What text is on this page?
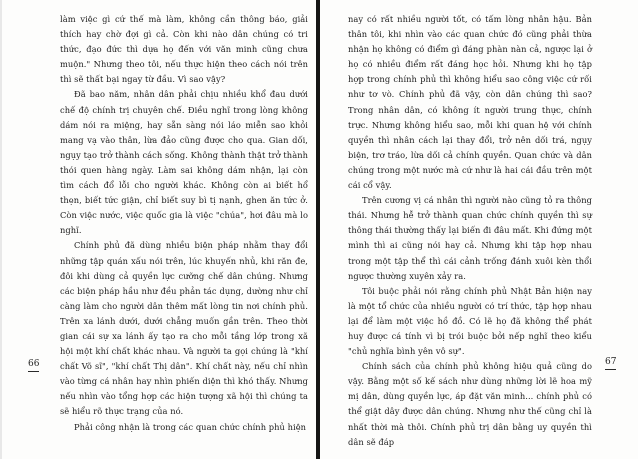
làm việc gì cứ thế mà làm, không cần thông báo, giải thích hay chờ đợi gì cả. Còn khi nào dân chúng có tri thức, đạo đức thì dựa họ đến với văn minh cũng chưa muộn." Nhưng theo tôi, nếu thực hiện theo cách nói trên thì sẽ thất bại ngay từ đầu. Vì sao vậy?

Đã bao năm, nhân dân phải chịu nhiều khổ đau dưới chế độ chính trị chuyên chế. Điều nghĩ trong lòng không dám nói ra miệng, hay sẵn sàng nói láo miễn sao khỏi mang vạ vào thân, lừa đảo cũng được cho qua. Gian dối, ngụy tạo trở thành cách sống. Không thành thật trở thành thói quen hàng ngày. Làm sai không dám nhận, lại còn tìm cách đổ lỗi cho người khác. Không còn ai biết hổ thẹn, biết tức giận, chỉ biết suy bì tị nạnh, ghen ăn tức ở. Còn việc nước, việc quốc gia là việc "chúa", hơi đâu mà lo nghĩ.

Chính phủ đã dùng nhiều biện pháp nhằm thay đổi những tập quán xấu nói trên, lúc khuyến nhủ, khi răn đe, đôi khi dùng cả quyền lực cưỡng chế dân chúng. Nhưng các biện pháp hầu như đều phản tác dụng, dường như chỉ càng làm cho người dân thêm mất lòng tin nơi chính phủ. Trên xa lánh dưới, dưới chẳng muốn gần trên. Theo thời gian cái sự xa lánh ấy tạo ra cho mỗi tầng lớp trong xã hội một khí chất khác nhau. Và người ta gọi chúng là "khí chất Võ sĩ", "khí chất Thị dân". Khí chất này, nếu chỉ nhìn vào từng cá nhân hay nhìn phiến diện thì khó thấy. Nhưng nếu nhìn vào tổng hợp các hiện tượng xã hội thì chúng ta sẽ hiểu rõ thực trạng của nó.

Phải công nhận là trong các quan chức chính phủ hiện

66

nay có rất nhiều người tốt, có tấm lòng nhân hậu. Bản thân tôi, khi nhìn vào các quan chức đó cũng phải thừa nhận họ không có điểm gì đáng phàn nàn cả, ngược lại ở họ có nhiều điểm rất đáng học hỏi. Nhưng khi họ tập hợp trong chính phủ thì không hiểu sao công việc cứ rối như tơ vò. Chính phủ đã vậy, còn dân chúng thì sao? Trong nhân dân, có không ít người trung thực, chính trực. Nhưng không hiểu sao, mỗi khi quan hệ với chính quyền thì nhân cách lại thay đổi, trở nên dối trá, ngụy biện, trơ tráo, lừa dối cả chính quyền. Quan chức và dân chúng trong một nước mà cứ như là hai cái đầu trên một cái cổ vậy.

Trên cương vị cá nhân thì người nào cũng tỏ ra thông thái. Nhưng hễ trở thành quan chức chính quyền thì sự thông thái thường thấy lại biến đi đâu mất. Khi đứng một mình thì ai cũng nói hay cả. Nhưng khi tập hợp nhau trong một tập thể thì cái cảnh trống đánh xuôi kèn thổi ngược thường xuyên xảy ra.

Tôi buộc phải nói rằng chính phủ Nhật Bản hiện nay là một tổ chức của nhiều người có trí thức, tập hợp nhau lại để làm một việc hồ đồ. Có lẽ họ đã không thể phát huy được cá tính vì bị trói buộc bởi nếp nghĩ theo kiểu "chủ nghĩa bình yên vô sự".

Chính sách của chính phủ không hiệu quả cũng do vậy. Bằng một số kế sách như dùng những lời lẽ hoa mỹ mị dân, dùng quyền lực, áp đặt văn minh... chính phủ có thể giật dây được dân chúng. Nhưng như thế cũng chỉ là nhất thời mà thôi. Chính phủ trị dân bằng uy quyền thì dân sẽ đáp

67
